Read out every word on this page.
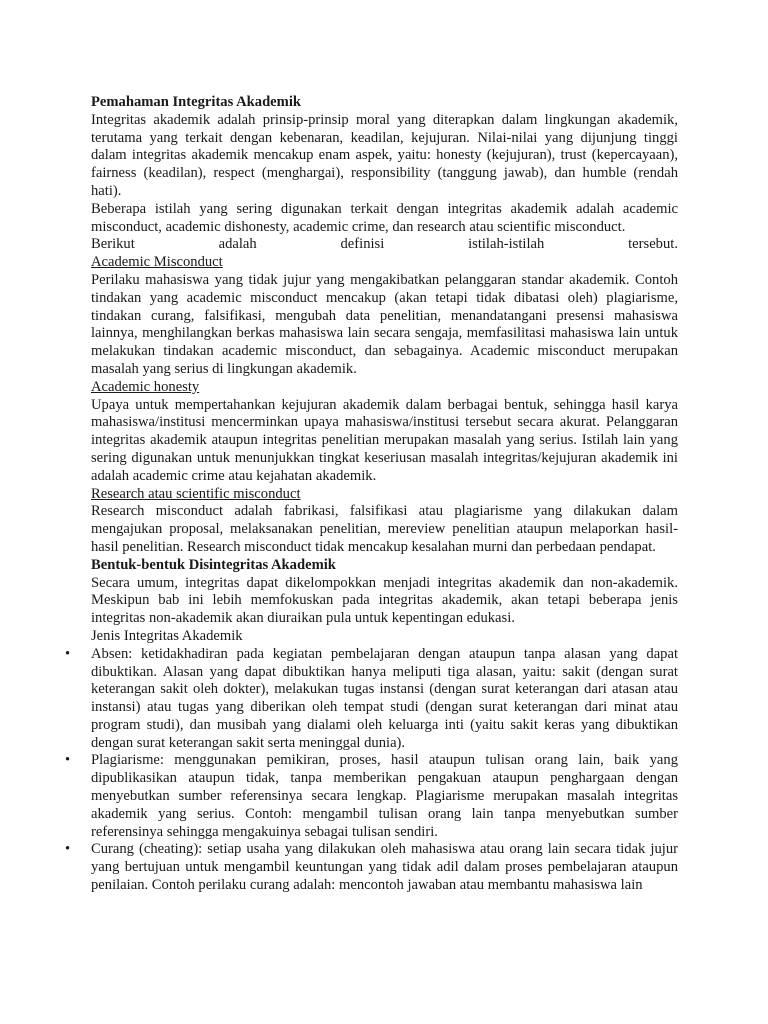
Pemahaman Integritas Akademik

Integritas akademik adalah prinsip-prinsip moral yang diterapkan dalam lingkungan akademik, terutama yang terkait dengan kebenaran, keadilan, kejujuran. Nilai-nilai yang dijunjung tinggi dalam integritas akademik mencakup enam aspek, yaitu: honesty (kejujuran), trust (kepercayaan), fairness (keadilan), respect (menghargai), responsibility (tanggung jawab), dan humble (rendah hati).

Beberapa istilah yang sering digunakan terkait dengan integritas akademik adalah academic misconduct, academic dishonesty, academic crime, dan research atau scientific misconduct.

Berikut	adalah	definisi	istilah-istilah	tersebut.

Academic Misconduct

Perilaku mahasiswa yang tidak jujur yang mengakibatkan pelanggaran standar akademik. Contoh tindakan yang academic misconduct mencakup (akan tetapi tidak dibatasi oleh) plagiarisme, tindakan curang, falsifikasi, mengubah data penelitian, menandatangani presensi mahasiswa lainnya, menghilangkan berkas mahasiswa lain secara sengaja, memfasilitasi mahasiswa lain untuk melakukan tindakan academic misconduct, dan sebagainya. Academic misconduct merupakan masalah yang serius di lingkungan akademik.

Academic honesty

Upaya untuk mempertahankan kejujuran akademik dalam berbagai bentuk, sehingga hasil karya mahasiswa/institusi mencerminkan upaya mahasiswa/institusi tersebut secara akurat. Pelanggaran integritas akademik ataupun integritas penelitian merupakan masalah yang serius. Istilah lain yang sering digunakan untuk menunjukkan tingkat keseriusan masalah integritas/kejujuran akademik ini adalah academic crime atau kejahatan akademik.

Research atau scientific misconduct

Research misconduct adalah fabrikasi, falsifikasi atau plagiarisme yang dilakukan dalam mengajukan proposal, melaksanakan penelitian, mereview penelitian ataupun melaporkan hasil-hasil penelitian. Research misconduct tidak mencakup kesalahan murni dan perbedaan pendapat.

Bentuk-bentuk Disintegritas Akademik

Secara umum, integritas dapat dikelompokkan menjadi integritas akademik dan non-akademik. Meskipun bab ini lebih memfokuskan pada integritas akademik, akan tetapi beberapa jenis integritas non-akademik akan diuraikan pula untuk kepentingan edukasi.

Jenis Integritas Akademik

• Absen: ketidakhadiran pada kegiatan pembelajaran dengan ataupun tanpa alasan yang dapat dibuktikan. Alasan yang dapat dibuktikan hanya meliputi tiga alasan, yaitu: sakit (dengan surat keterangan sakit oleh dokter), melakukan tugas instansi (dengan surat keterangan dari atasan atau instansi) atau tugas yang diberikan oleh tempat studi (dengan surat keterangan dari minat atau program studi), dan musibah yang dialami oleh keluarga inti (yaitu sakit keras yang dibuktikan dengan surat keterangan sakit serta meninggal dunia).
• Plagiarisme: menggunakan pemikiran, proses, hasil ataupun tulisan orang lain, baik yang dipublikasikan ataupun tidak, tanpa memberikan pengakuan ataupun penghargaan dengan menyebutkan sumber referensinya secara lengkap. Plagiarisme merupakan masalah integritas akademik yang serius. Contoh: mengambil tulisan orang lain tanpa menyebutkan sumber referensinya sehingga mengakuinya sebagai tulisan sendiri.
• Curang (cheating): setiap usaha yang dilakukan oleh mahasiswa atau orang lain secara tidak jujur yang bertujuan untuk mengambil keuntungan yang tidak adil dalam proses pembelajaran ataupun penilaian. Contoh perilaku curang adalah: mencontoh jawaban atau membantu mahasiswa lain
